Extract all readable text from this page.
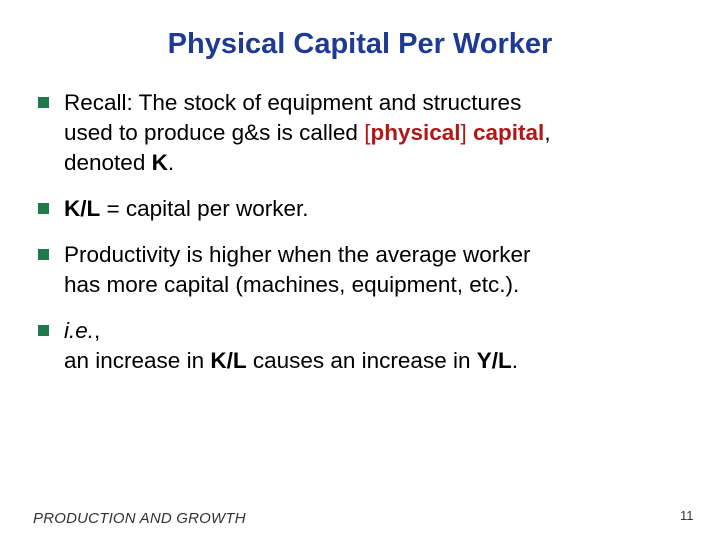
Physical Capital Per Worker
Recall: The stock of equipment and structures
used to produce g&s is called [physical] capital,
denoted K.
K/L = capital per worker.
Productivity is higher when the average worker
has more capital (machines, equipment, etc.).
i.e.,
an increase in K/L causes an increase in Y/L.
PRODUCTION AND GROWTH	11
